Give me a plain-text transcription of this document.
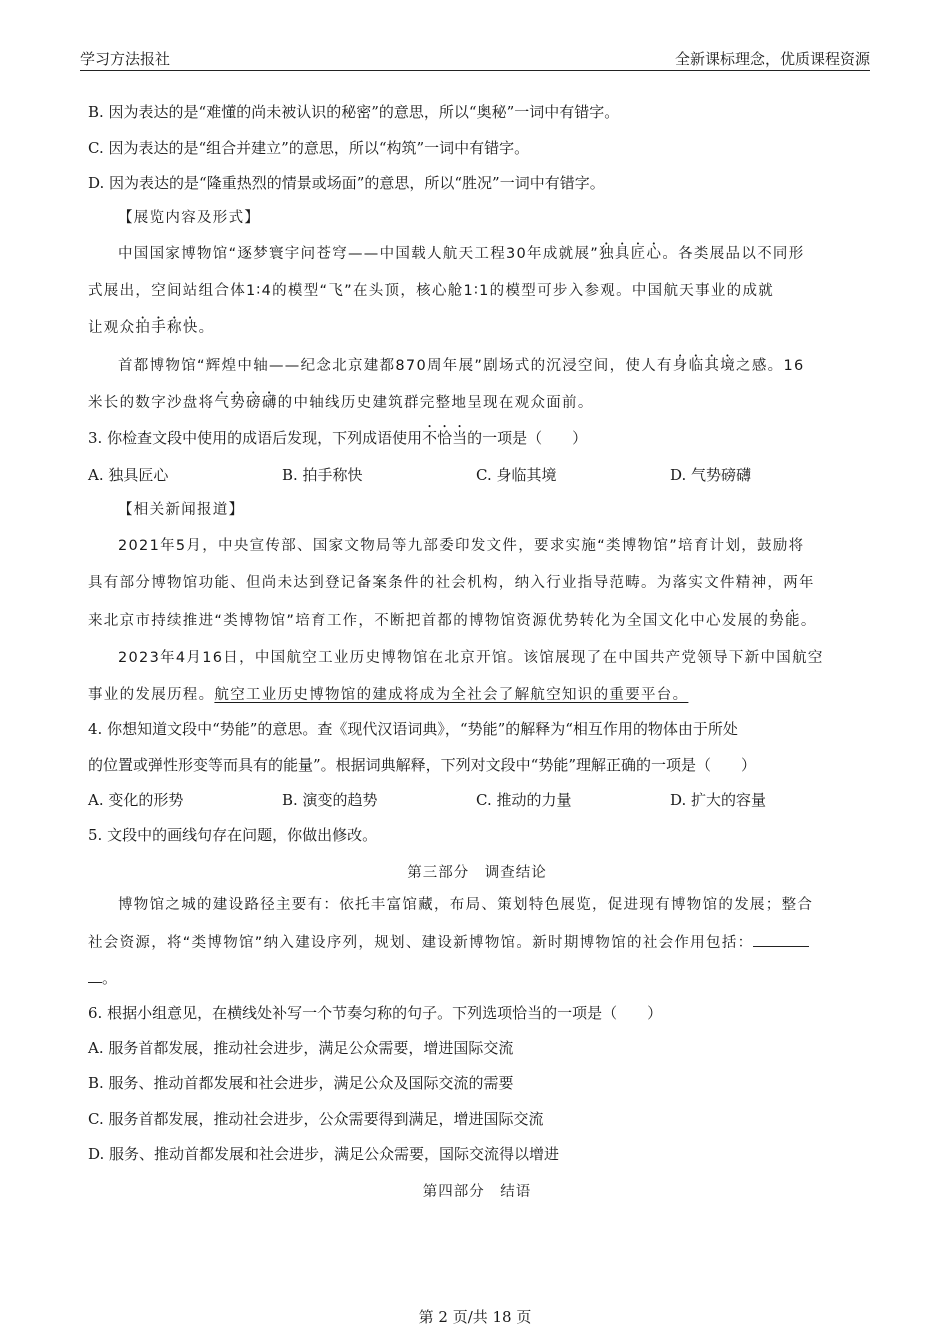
学习方法报社	全新课标理念，优质课程资源
B. 因为表达的是“难懂的尚未被认识的秘密”的意思，所以“奥秘”一词中有错字。
C. 因为表达的是“组合并建立”的意思，所以“构筑”一词中有错字。
D. 因为表达的是“隆重热烈的情景或场面”的意思，所以“胜况”一词中有错字。
【展览内容及形式】
中国国家博物馆“逐梦寰宇问苍穹——中国载人航天工程30年成就展”独具匠心。各类展品以不同形
式展出，空间站组合体1∶4的模型“飞”在头顶，核心舱1∶1的模型可步入参观。中国航天事业的成就
让观众拍手称快。
首都博物馆“辉煌中轴——纪念北京建都870周年展”剧场式的沉浸空间，使人有身临其境之感。16
米长的数字沙盘将气势磅礴的中轴线历史建筑群完整地呈现在观众面前。
3. 你检查文段中使用的成语后发现，下列成语使用不恰当的一项是（　　）
A. 独具匠心	B. 拍手称快	C. 身临其境	D. 气势磅礴
【相关新闻报道】
2021年5月，中央宣传部、国家文物局等九部委印发文件，要求实施“类博物馆”培育计划，鼓励将
具有部分博物馆功能、但尚未达到登记备案条件的社会机构，纳入行业指导范畴。为落实文件精神，两年
来北京市持续推进“类博物馆”培育工作，不断把首都的博物馆资源优势转化为全国文化中心发展的势能。
2023年4月16日，中国航空工业历史博物馆在北京开馆。该馆展现了在中国共产党领导下新中国航空
事业的发展历程。航空工业历史博物馆的建成将成为全社会了解航空知识的重要平台。
4. 你想知道文段中“势能”的意思。查《现代汉语词典》，“势能”的解释为“相互作用的物体由于所处
的位置或弹性形变等而具有的能量”。根据词典解释，下列对文段中“势能”理解正确的一项是（　　）
A. 变化的形势	B. 演变的趋势	C. 推动的力量	D. 扩大的容量
5. 文段中的画线句存在问题，你做出修改。
第三部分　调查结论
博物馆之城的建设路径主要有：依托丰富馆藏，布局、策划特色展览，促进现有博物馆的发展；整合
社会资源，将“类博物馆”纳入建设序列，规划、建设新博物馆。新时期博物馆的社会作用包括：
。
6. 根据小组意见，在横线处补写一个节奏匀称的句子。下列选项恰当的一项是（　　）
A. 服务首都发展，推动社会进步，满足公众需要，增进国际交流
B. 服务、推动首都发展和社会进步，满足公众及国际交流的需要
C. 服务首都发展，推动社会进步，公众需要得到满足，增进国际交流
D. 服务、推动首都发展和社会进步，满足公众需要，国际交流得以增进
第四部分　结语
第 2 页/共 18 页
